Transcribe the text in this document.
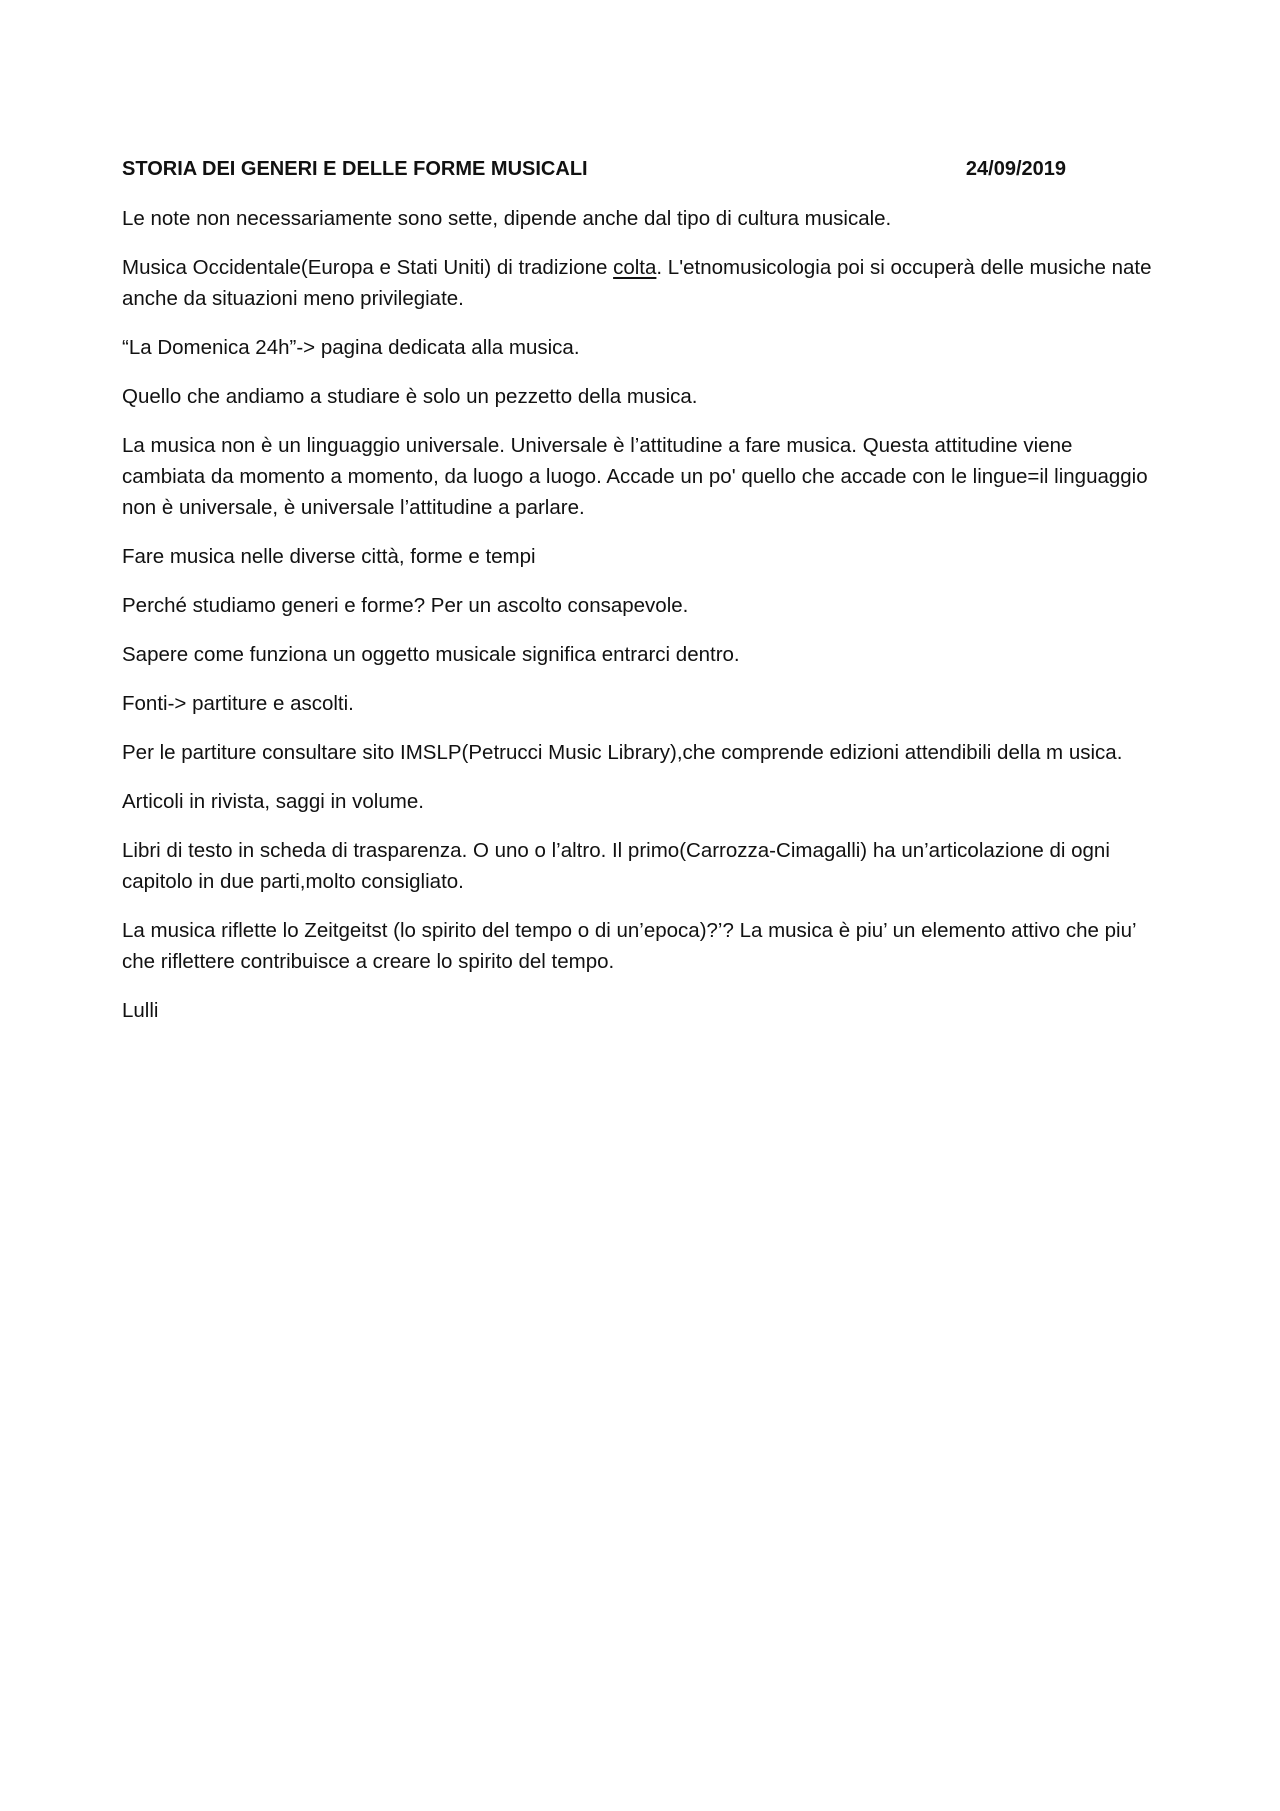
STORIA DEI GENERI E DELLE FORME MUSICALI	24/09/2019

Le note non necessariamente sono sette, dipende anche dal tipo di cultura musicale.

Musica Occidentale(Europa e Stati Uniti) di tradizione colta. L'etnomusicologia poi si occuperà delle musiche nate anche da situazioni meno privilegiate.

“La Domenica 24h”-> pagina dedicata alla musica.

Quello che andiamo a studiare è solo un pezzetto della musica.

La musica non è un linguaggio universale. Universale è l’attitudine a fare musica. Questa attitudine viene cambiata da momento a momento, da luogo a luogo. Accade un po' quello che accade con le lingue=il linguaggio non è universale, è universale l’attitudine a parlare.

Fare musica nelle diverse città, forme e tempi

Perché studiamo generi e forme? Per un ascolto consapevole.

Sapere come funziona un oggetto musicale significa entrarci dentro.

Fonti-> partiture e ascolti.

Per le partiture consultare sito IMSLP(Petrucci Music Library),che comprende edizioni attendibili della m usica.

Articoli in rivista, saggi in volume.

Libri di testo in scheda di trasparenza. O uno o l’altro. Il primo(Carrozza-Cimagalli) ha un’articolazione di ogni capitolo in due parti,molto consigliato.

La musica riflette lo Zeitgeitst (lo spirito del tempo o di un’epoca)?’? La musica è piu’ un elemento attivo che piu’ che riflettere contribuisce a creare lo spirito del tempo.

Lulli
